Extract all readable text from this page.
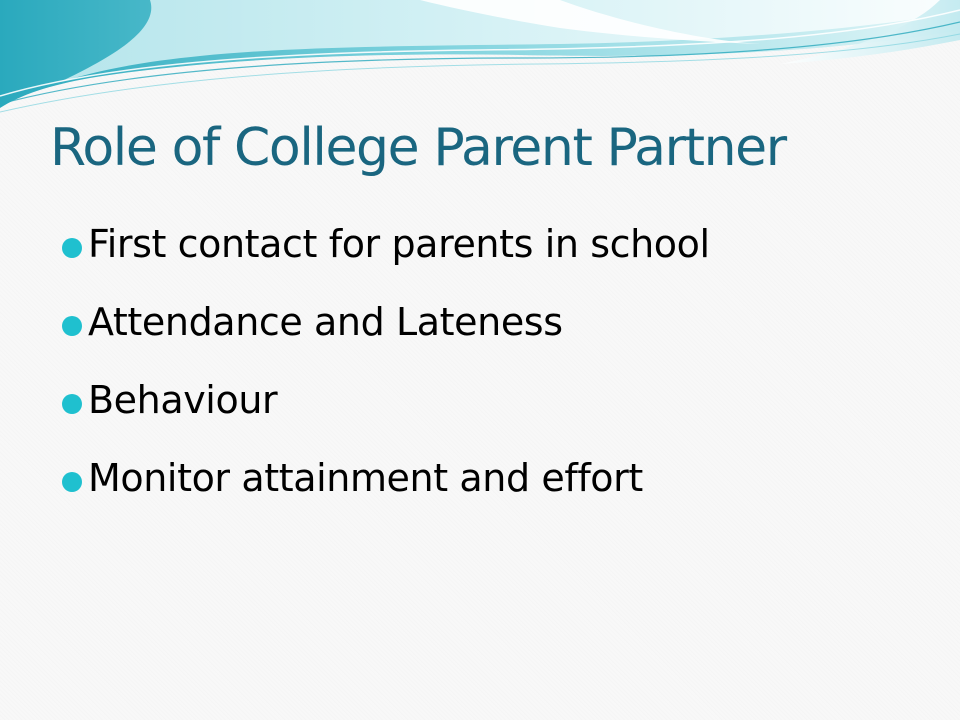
Role of College Parent Partner
First contact for parents in school
Attendance and Lateness
Behaviour
Monitor attainment and effort
